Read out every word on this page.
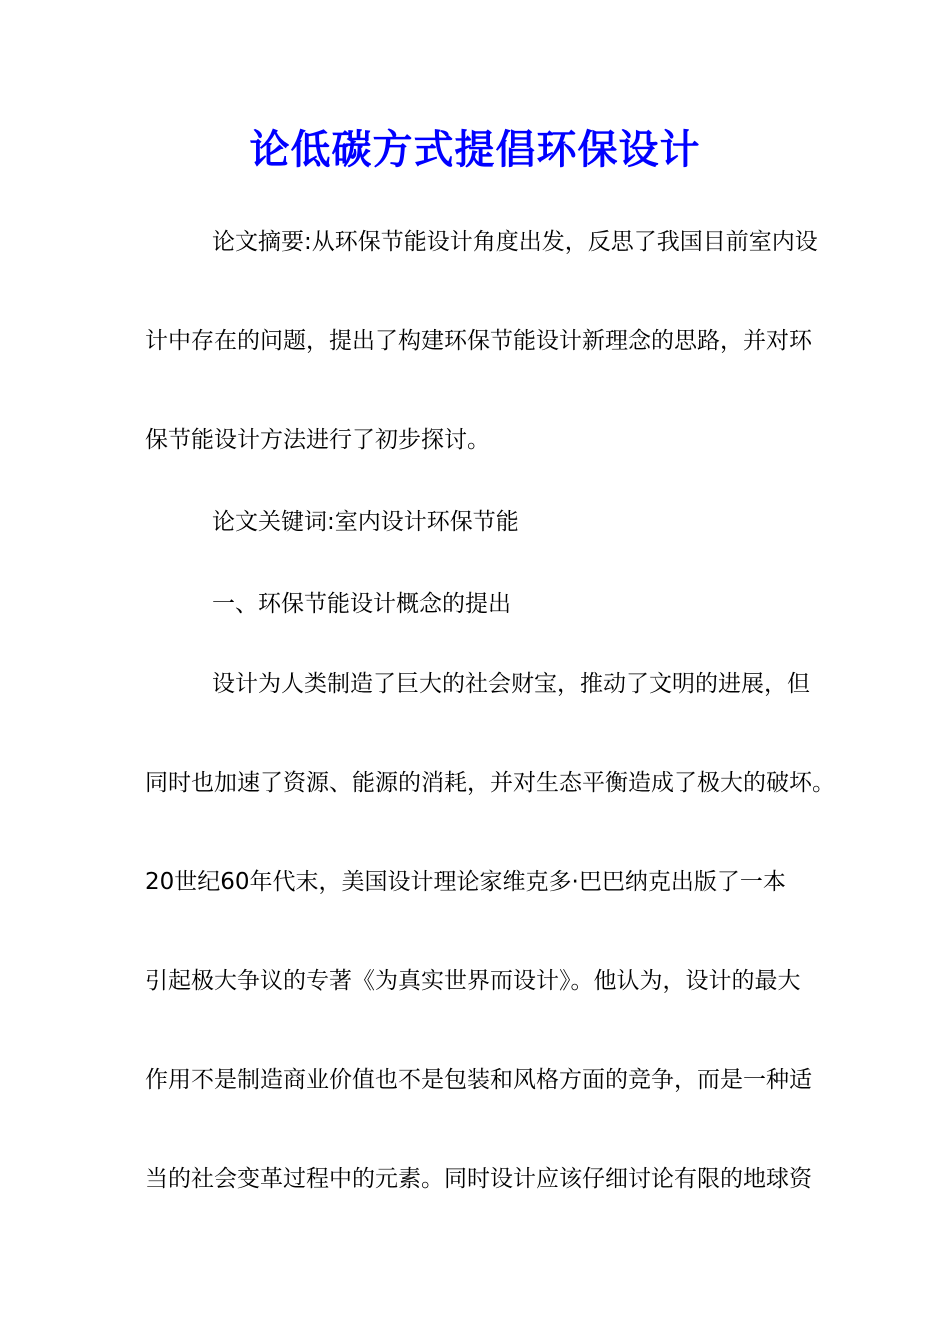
论低碳方式提倡环保设计
论文摘要:从环保节能设计角度出发，反思了我国目前室内设
计中存在的问题，提出了构建环保节能设计新理念的思路，并对环
保节能设计方法进行了初步探讨。
论文关键词:室内设计环保节能
一、环保节能设计概念的提出
设计为人类制造了巨大的社会财宝，推动了文明的进展，但
同时也加速了资源、能源的消耗，并对生态平衡造成了极大的破坏。
20世纪60年代末，美国设计理论家维克多·巴巴纳克出版了一本
引起极大争议的专著《为真实世界而设计》。他认为，设计的最大
作用不是制造商业价值也不是包装和风格方面的竞争，而是一种适
当的社会变革过程中的元素。同时设计应该仔细讨论有限的地球资
